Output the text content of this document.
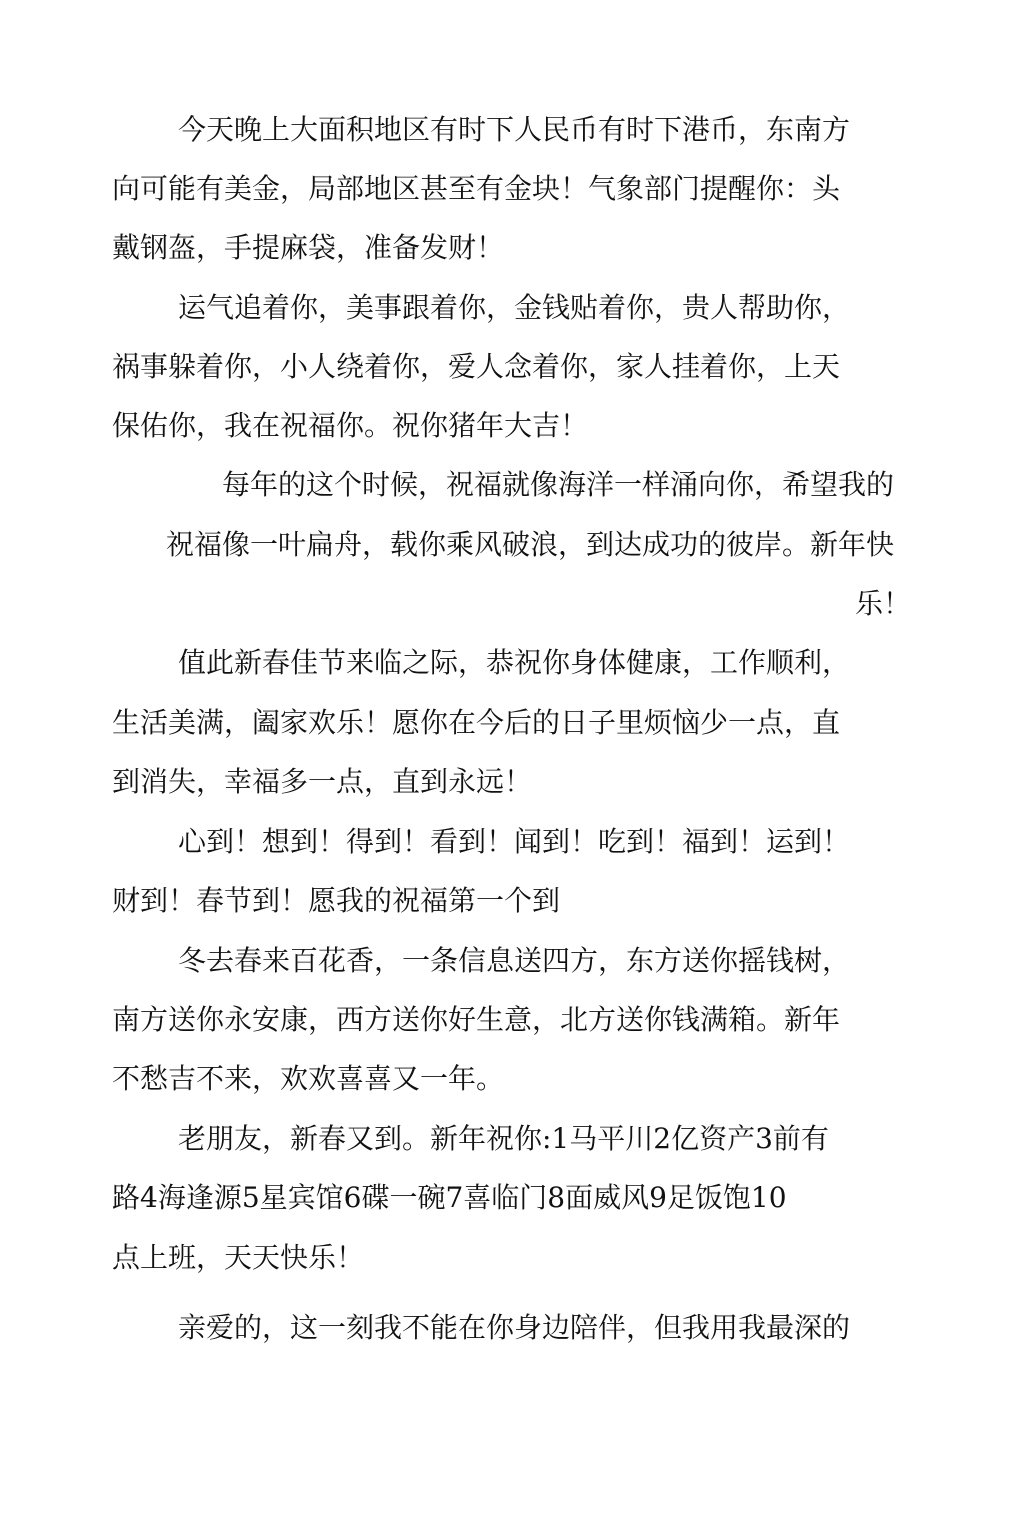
今天晚上大面积地区有时下人民币有时下港币，东南方
向可能有美金，局部地区甚至有金块！气象部门提醒你：头
戴钢盔，手提麻袋，准备发财！
运气追着你，美事跟着你，金钱贴着你，贵人帮助你，
祸事躲着你，小人绕着你，爱人念着你，家人挂着你，上天
保佑你，我在祝福你。祝你猪年大吉！
每年的这个时候，祝福就像海洋一样涌向你，希望我的
祝福像一叶扁舟，载你乘风破浪，到达成功的彼岸。新年快
乐！
值此新春佳节来临之际，恭祝你身体健康，工作顺利，
生活美满，阖家欢乐！愿你在今后的日子里烦恼少一点，直
到消失，幸福多一点，直到永远！
心到！想到！得到！看到！闻到！吃到！福到！运到！
财到！春节到！愿我的祝福第一个到
冬去春来百花香，一条信息送四方，东方送你摇钱树，
南方送你永安康，西方送你好生意，北方送你钱满箱。新年
不愁吉不来，欢欢喜喜又一年。
老朋友，新春又到。新年祝你:1马平川2亿资产3前有
路4海逢源5星宾馆6碟一碗7喜临门8面威风9足饭饱10
点上班，天天快乐！
亲爱的，这一刻我不能在你身边陪伴，但我用我最深的
